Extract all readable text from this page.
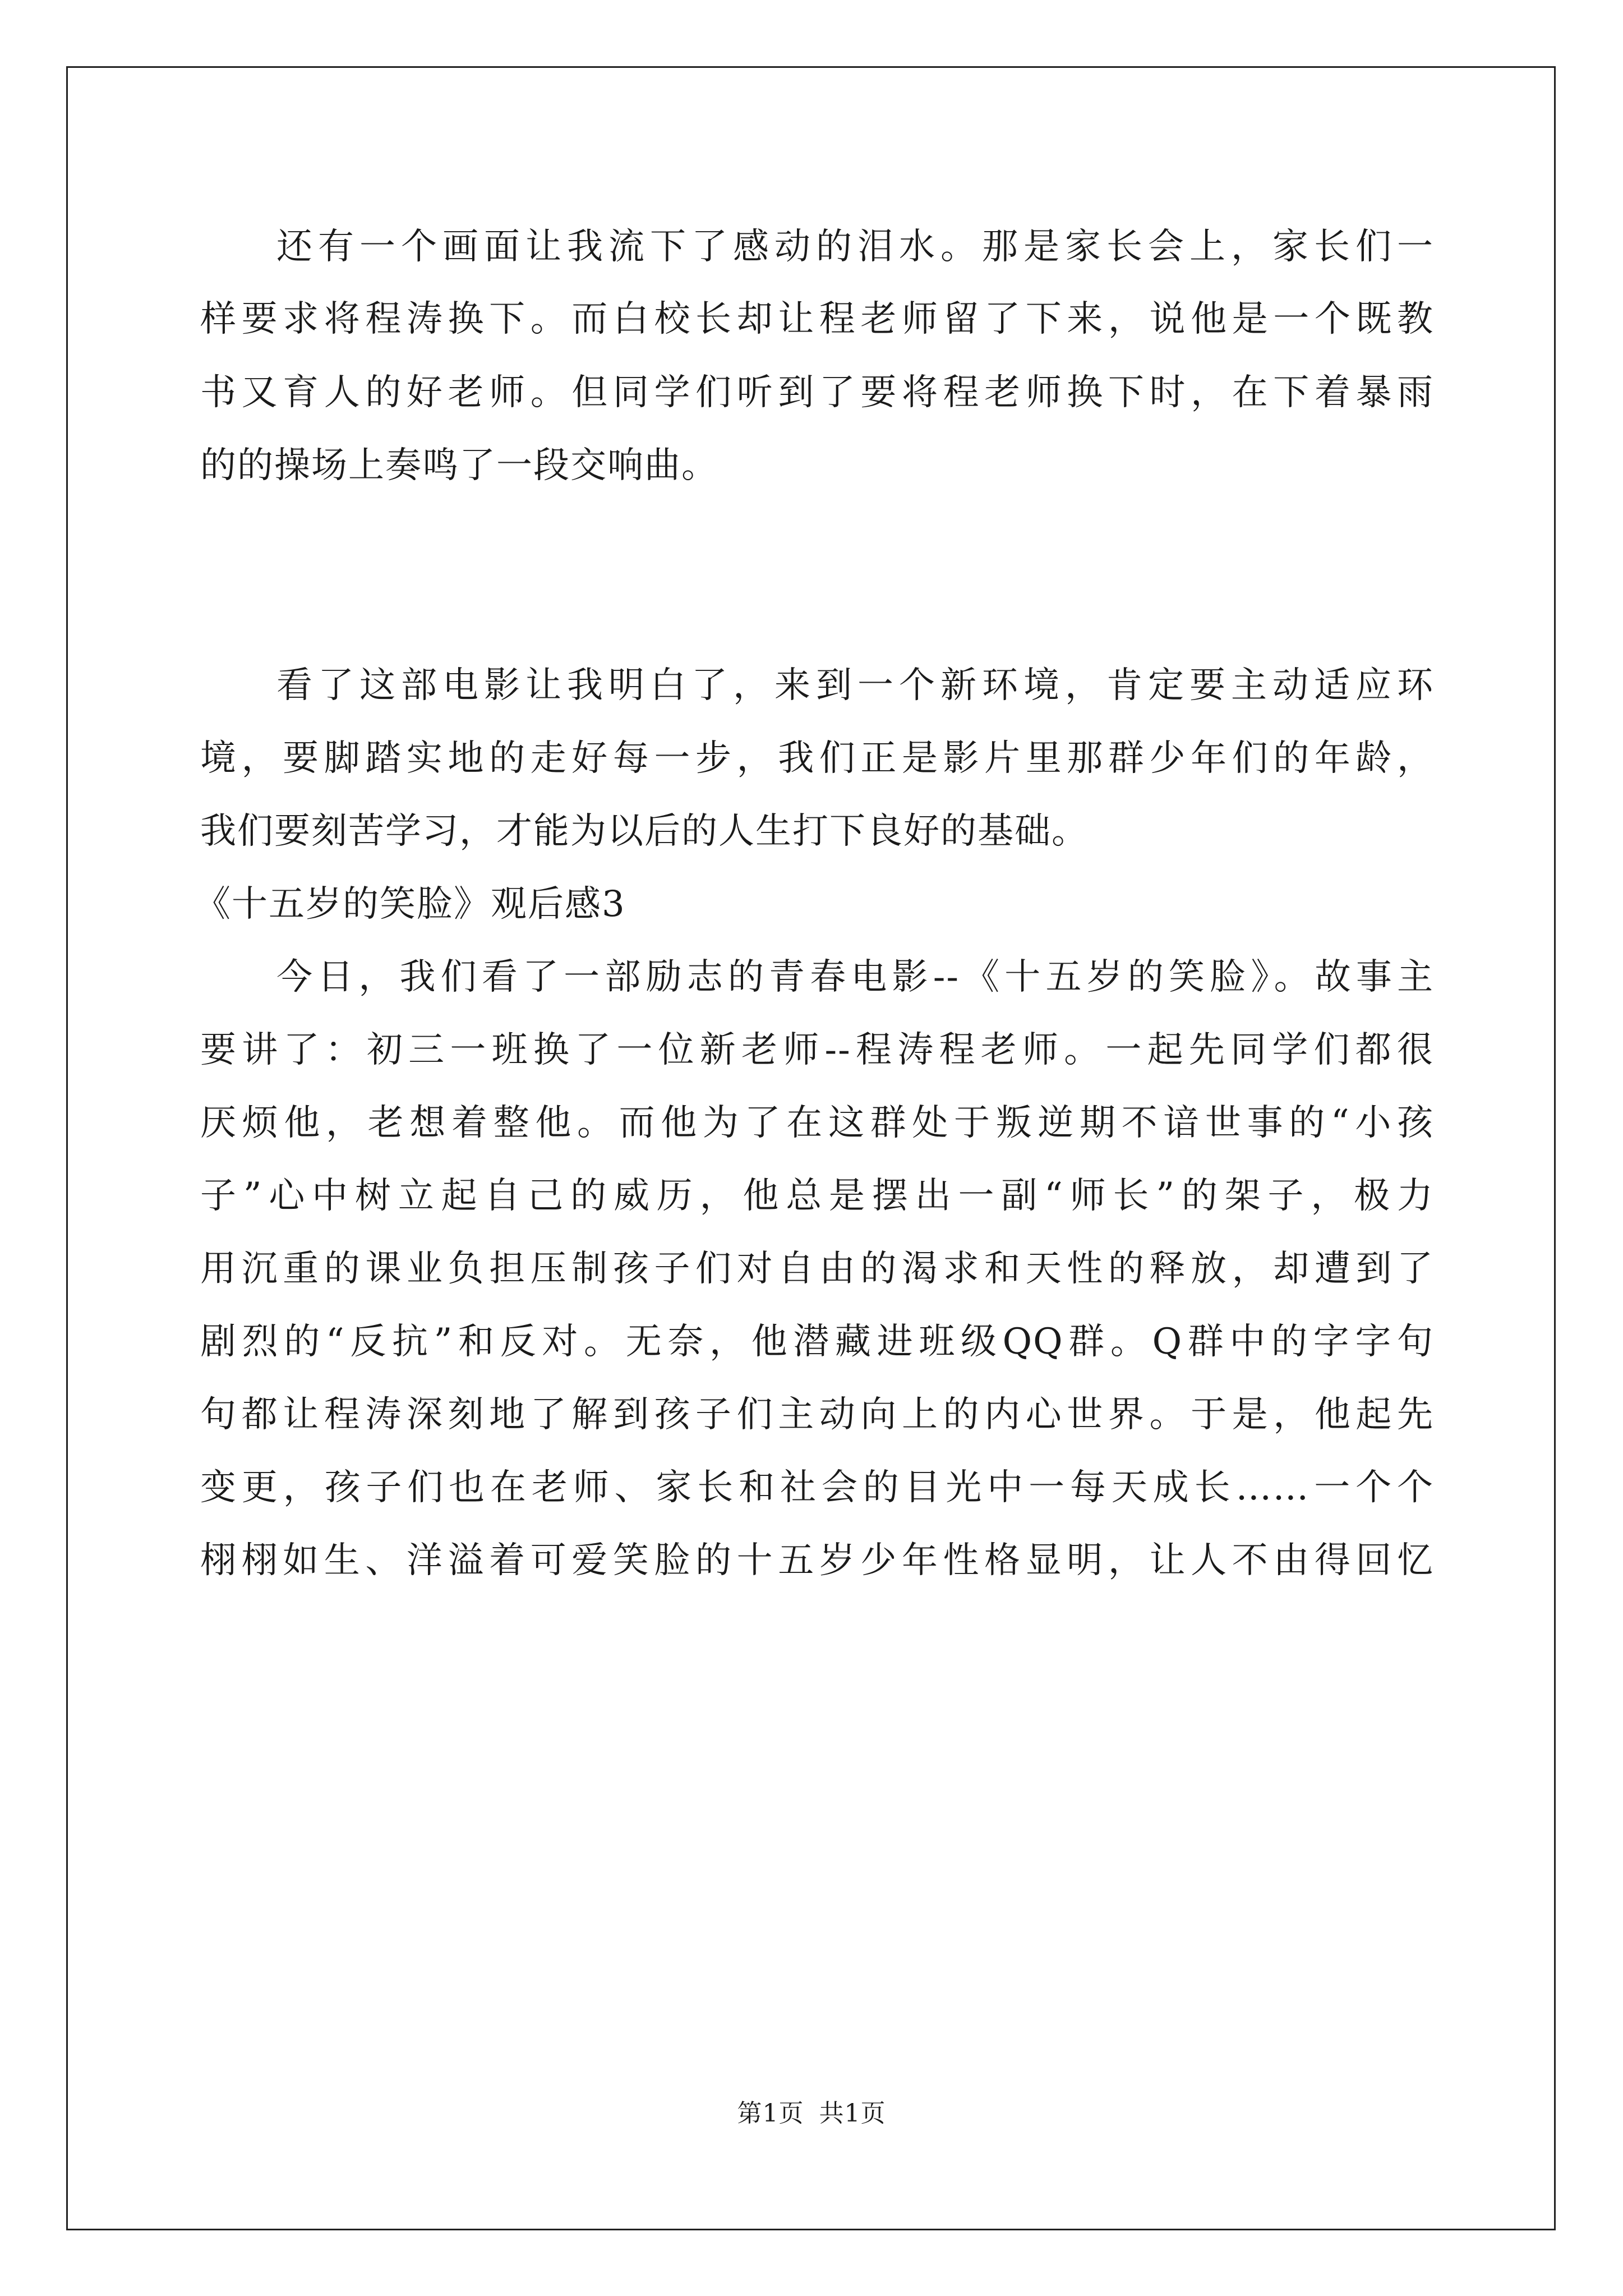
还有一个画面让我流下了感动的泪水。那是家长会上，家长们一
样要求将程涛换下。而白校长却让程老师留了下来，说他是一个既教
书又育人的好老师。但同学们听到了要将程老师换下时，在下着暴雨
的的操场上奏鸣了一段交响曲。
看了这部电影让我明白了，来到一个新环境，肯定要主动适应环
境，要脚踏实地的走好每一步，我们正是影片里那群少年们的年龄，
我们要刻苦学习，才能为以后的人生打下良好的基础。
《十五岁的笑脸》观后感3
今日，我们看了一部励志的青春电影--《十五岁的笑脸》。故事主
要讲了：初三一班换了一位新老师--程涛程老师。一起先同学们都很
厌烦他，老想着整他。而他为了在这群处于叛逆期不谙世事的“小孩
子”心中树立起自己的威历，他总是摆出一副“师长”的架子，极力
用沉重的课业负担压制孩子们对自由的渴求和天性的释放，却遭到了
剧烈的“反抗”和反对。无奈，他潜藏进班级QQ群。Q群中的字字句
句都让程涛深刻地了解到孩子们主动向上的内心世界。于是，他起先
变更，孩子们也在老师、家长和社会的目光中一每天成长……一个个
栩栩如生、洋溢着可爱笑脸的十五岁少年性格显明，让人不由得回忆
第1页 共1页
